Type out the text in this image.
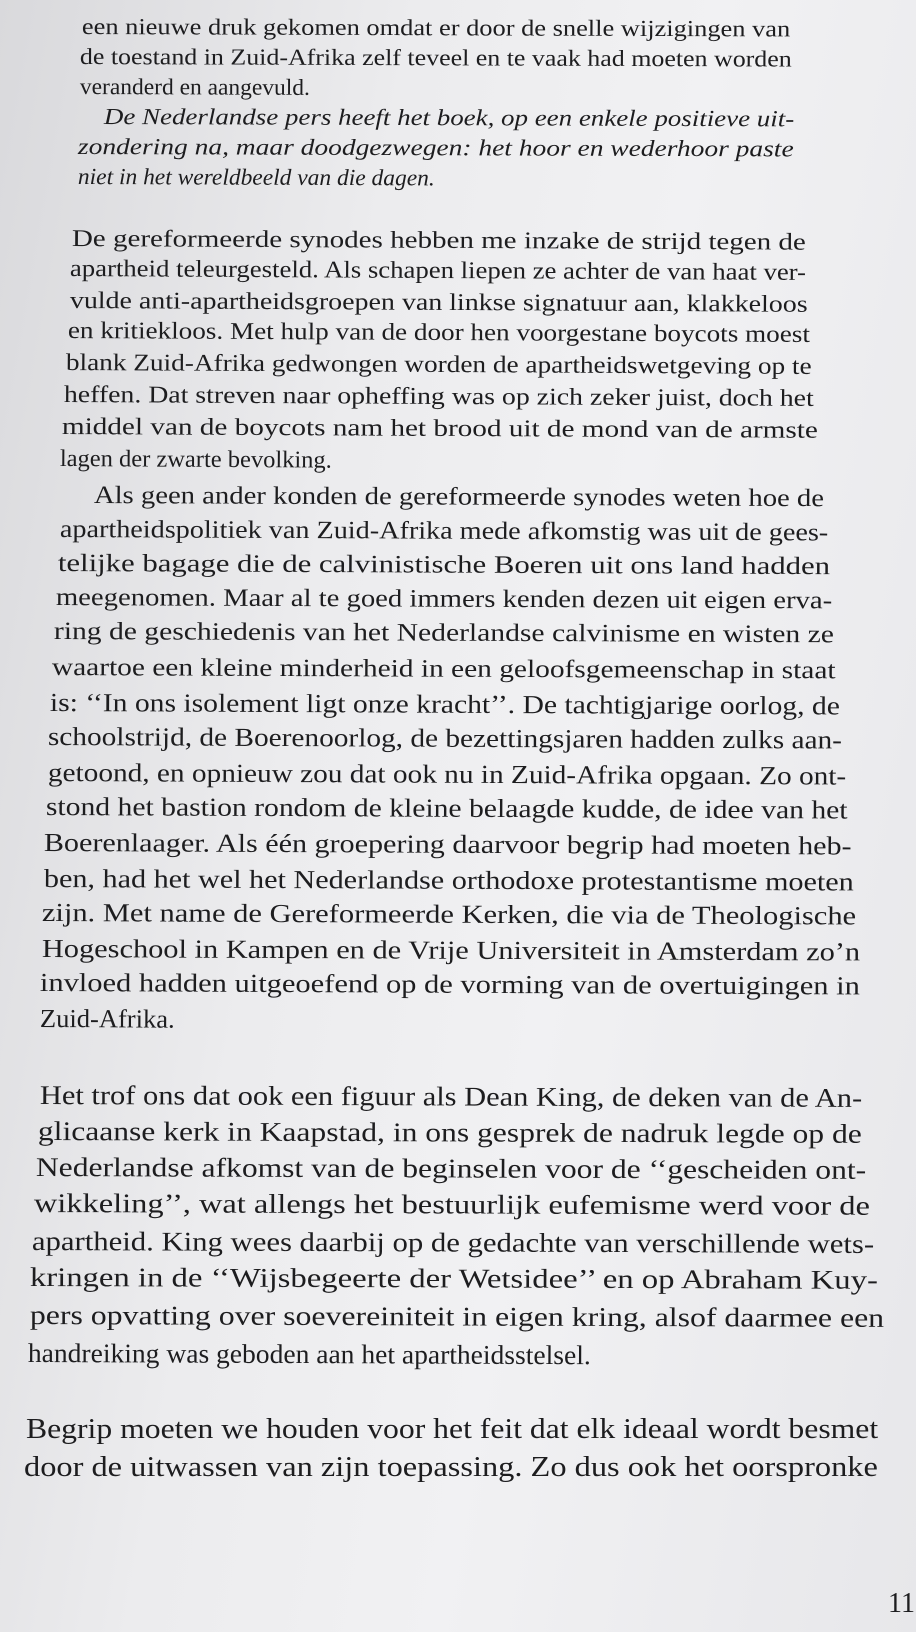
een nieuwe druk gekomen omdat er door de snelle wijzigingen van
de toestand in Zuid-Afrika zelf teveel en te vaak had moeten worden
veranderd en aangevuld.
De Nederlandse pers heeft het boek, op een enkele positieve uit-
zondering na, maar doodgezwegen: het hoor en wederhoor paste
niet in het wereldbeeld van die dagen.
De gereformeerde synodes hebben me inzake de strijd tegen de
apartheid teleurgesteld. Als schapen liepen ze achter de van haat ver-
vulde anti-apartheidsgroepen van linkse signatuur aan, klakkeloos
en kritiekloos. Met hulp van de door hen voorgestane boycots moest
blank Zuid-Afrika gedwongen worden de apartheidswetgeving op te
heffen. Dat streven naar opheffing was op zich zeker juist, doch het
middel van de boycots nam het brood uit de mond van de armste
lagen der zwarte bevolking.
Als geen ander konden de gereformeerde synodes weten hoe de
apartheidspolitiek van Zuid-Afrika mede afkomstig was uit de gees-
telijke bagage die de calvinistische Boeren uit ons land hadden
meegenomen. Maar al te goed immers kenden dezen uit eigen erva-
ring de geschiedenis van het Nederlandse calvinisme en wisten ze
waartoe een kleine minderheid in een geloofsgemeenschap in staat
is: ‘‘In ons isolement ligt onze kracht’’. De tachtigjarige oorlog, de
schoolstrijd, de Boerenoorlog, de bezettingsjaren hadden zulks aan-
getoond, en opnieuw zou dat ook nu in Zuid-Afrika opgaan. Zo ont-
stond het bastion rondom de kleine belaagde kudde, de idee van het
Boerenlaager. Als één groepering daarvoor begrip had moeten heb-
ben, had het wel het Nederlandse orthodoxe protestantisme moeten
zijn. Met name de Gereformeerde Kerken, die via de Theologische
Hogeschool in Kampen en de Vrije Universiteit in Amsterdam zo’n
invloed hadden uitgeoefend op de vorming van de overtuigingen in
Zuid-Afrika.
Het trof ons dat ook een figuur als Dean King, de deken van de An-
glicaanse kerk in Kaapstad, in ons gesprek de nadruk legde op de
Nederlandse afkomst van de beginselen voor de ‘‘gescheiden ont-
wikkeling’’, wat allengs het bestuurlijk eufemisme werd voor de
apartheid. King wees daarbij op de gedachte van verschillende wets-
kringen in de ‘‘Wijsbegeerte der Wetsidee’’ en op Abraham Kuy-
pers opvatting over soevereiniteit in eigen kring, alsof daarmee een
handreiking was geboden aan het apartheidsstelsel.
Begrip moeten we houden voor het feit dat elk ideaal wordt besmet
door de uitwassen van zijn toepassing. Zo dus ook het oorspronke
11
